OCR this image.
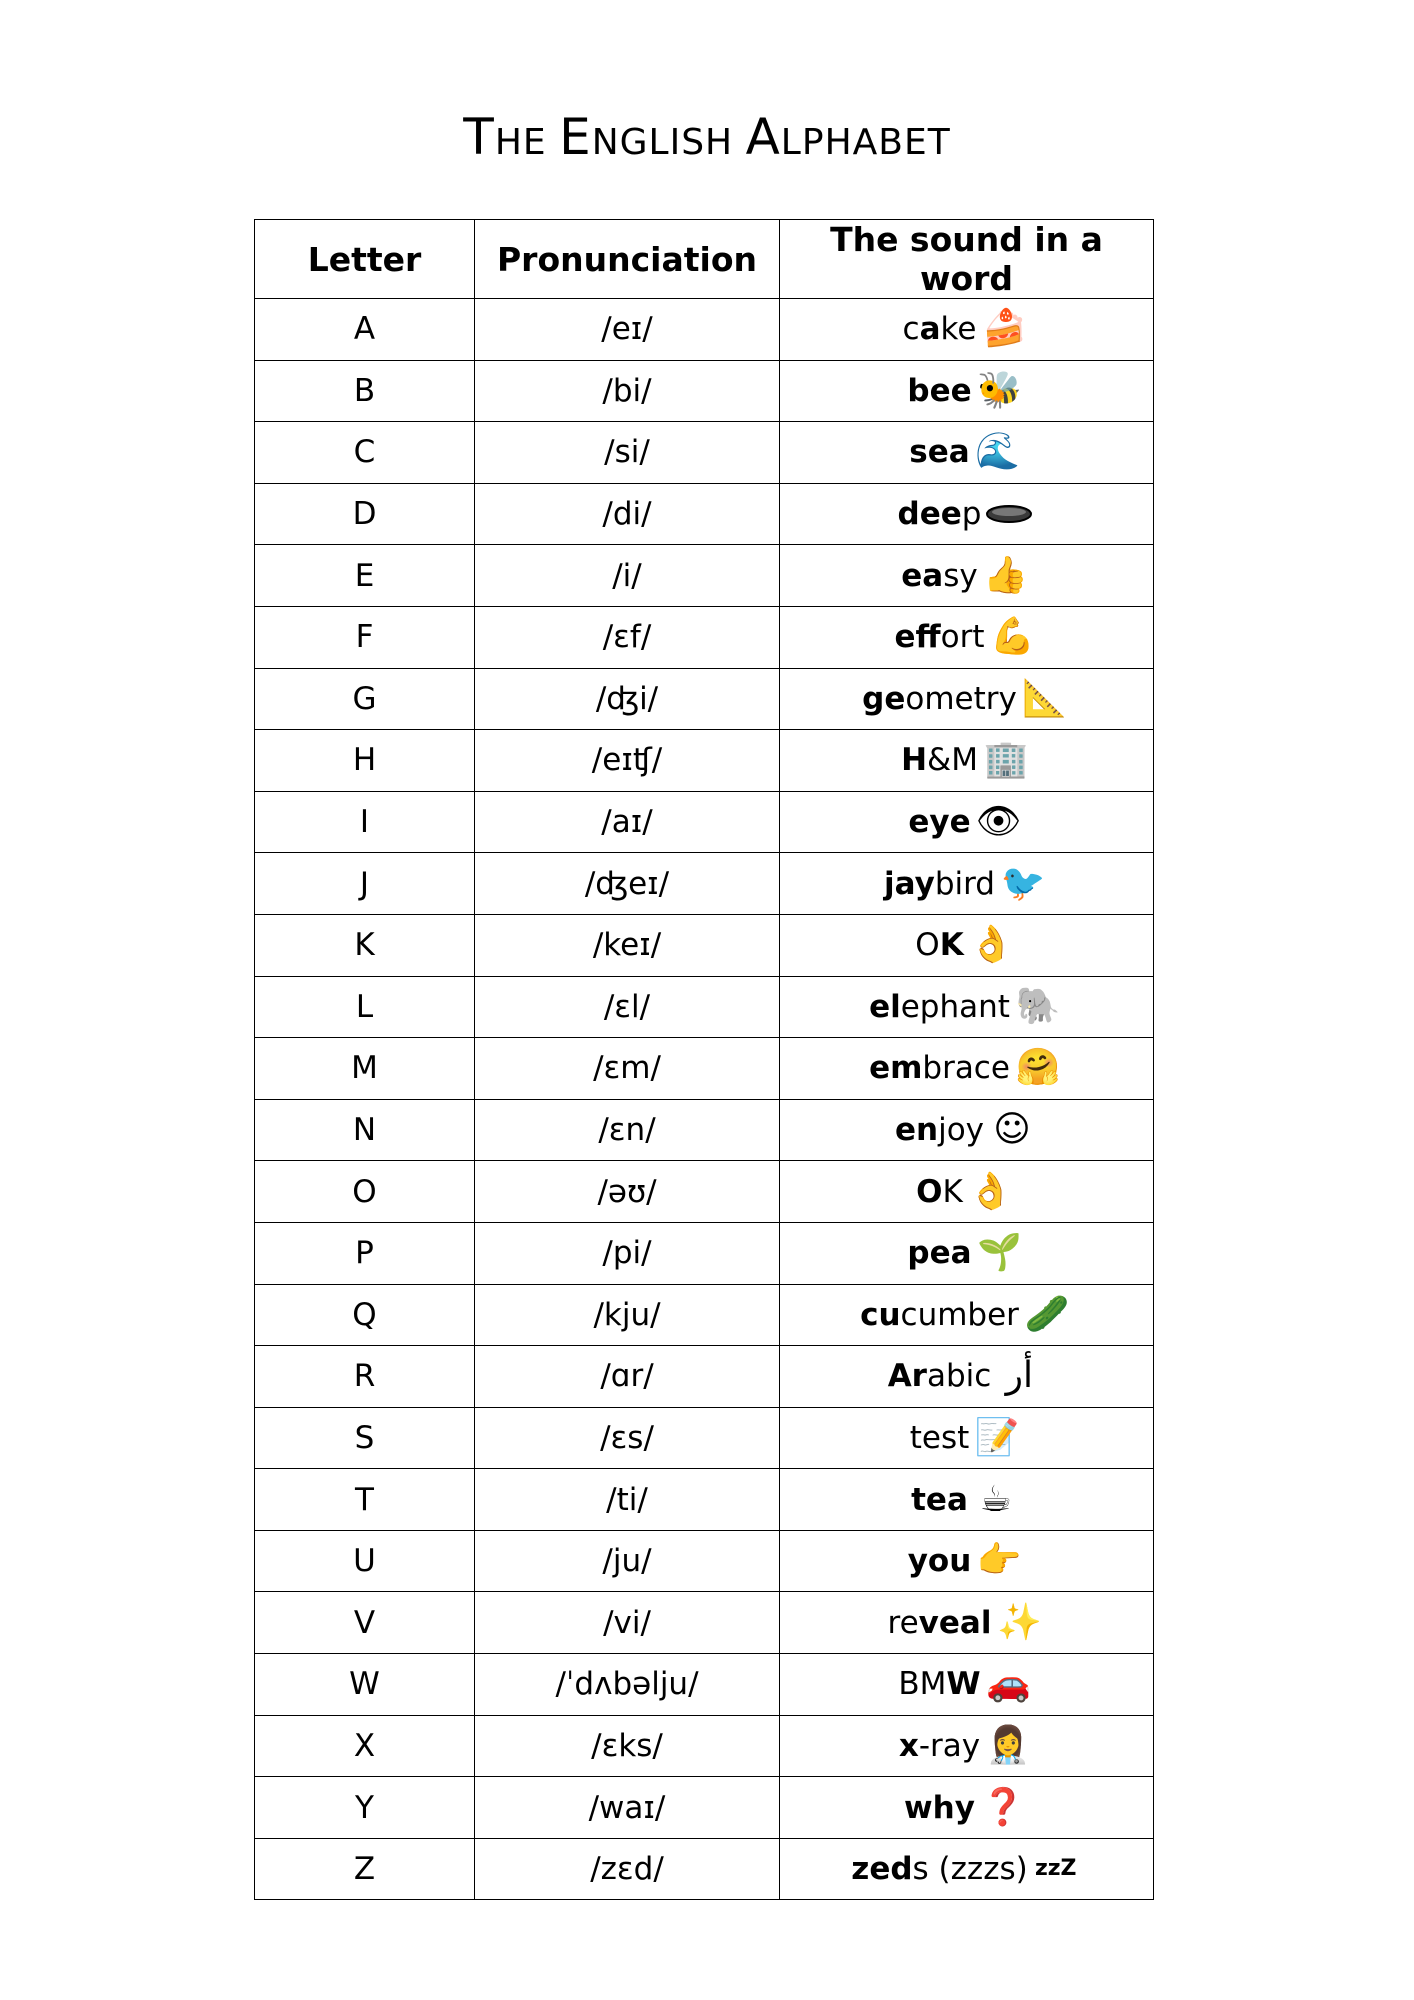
THE ENGLISH ALPHABET
Letter	Pronunciation	The sound in a word
A	/eɪ/	cake 🍰

B	/bi/	bee 🐝

C	/si/	sea 🌊

D	/di/	deep

E	/i/	easy 👍

F	/ɛf/	effort 💪

G	/ʤi/	geometry 📐

H	/eɪʧ/	H&M 🏢

I	/aɪ/	eye 👁

J	/ʤeɪ/	jaybird 🐦

K	/keɪ/	OK 👌

L	/ɛl/	elephant 🐘

M	/ɛm/	embrace 🤗

N	/ɛn/	enjoy ☺

O	/əʊ/	OK 👌

P	/pi/	pea 🌱

Q	/kju/	cucumber 🥒

R	/ɑr/	Arabic أر

S	/ɛs/	test 📝

T	/ti/	tea ☕

U	/ju/	you 👉

V	/vi/	reveal ✨

W	/ˈdʌbəlju/	BMW 🚗

X	/ɛks/	x-ray 👩‍⚕️

Y	/waɪ/	why ❓

Z	/zɛd/	zeds (zzzs) zzZ
